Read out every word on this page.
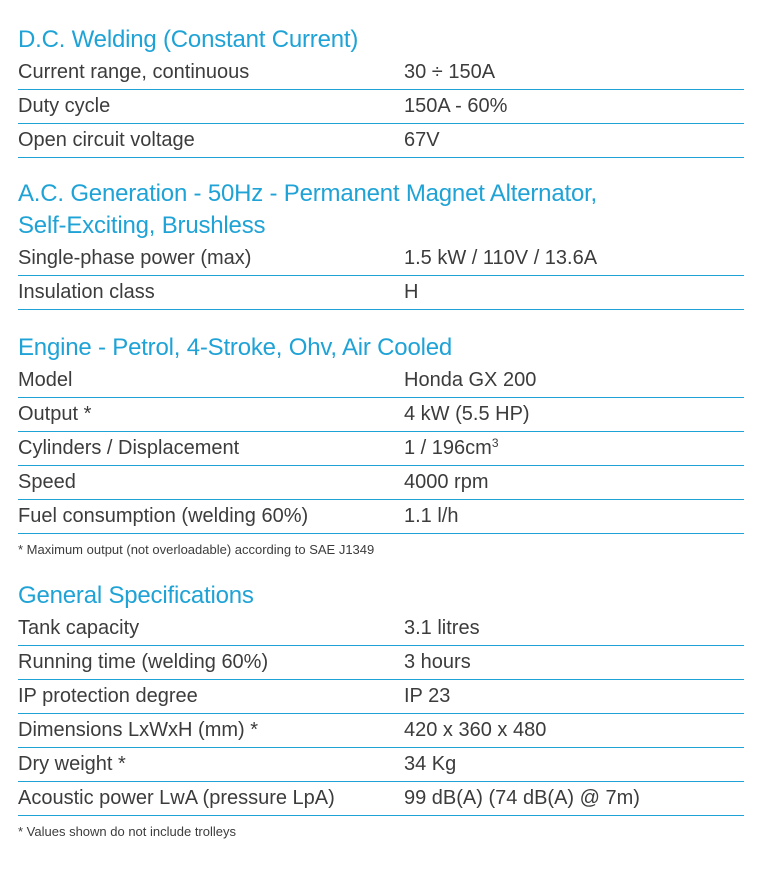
D.C. Welding (Constant Current)
Current range, continuous	30 ÷ 150A
Duty cycle	150A - 60%
Open circuit voltage	67V
A.C. Generation - 50Hz - Permanent Magnet Alternator,
Self-Exciting, Brushless
Single-phase power (max)	1.5 kW / 110V / 13.6A
Insulation class	H
Engine - Petrol, 4-Stroke, Ohv, Air Cooled
Model	Honda GX 200
Output *	4 kW (5.5 HP)
Cylinders / Displacement	$1 / 196cm^3$
Speed	4000 rpm
Fuel consumption (welding 60%)	1.1 l/h

* Maximum output (not overloadable) according to SAE J1349

General Specifications
Tank capacity	3.1 litres
Running time (welding 60%)	3 hours
IP protection degree	IP 23
Dimensions LxWxH (mm) *	420 x 360 x 480
Dry weight *	34 Kg
Acoustic power LwA (pressure LpA)	99 dB(A) (74 dB(A) @ 7m)

* Values shown do not include trolleys
